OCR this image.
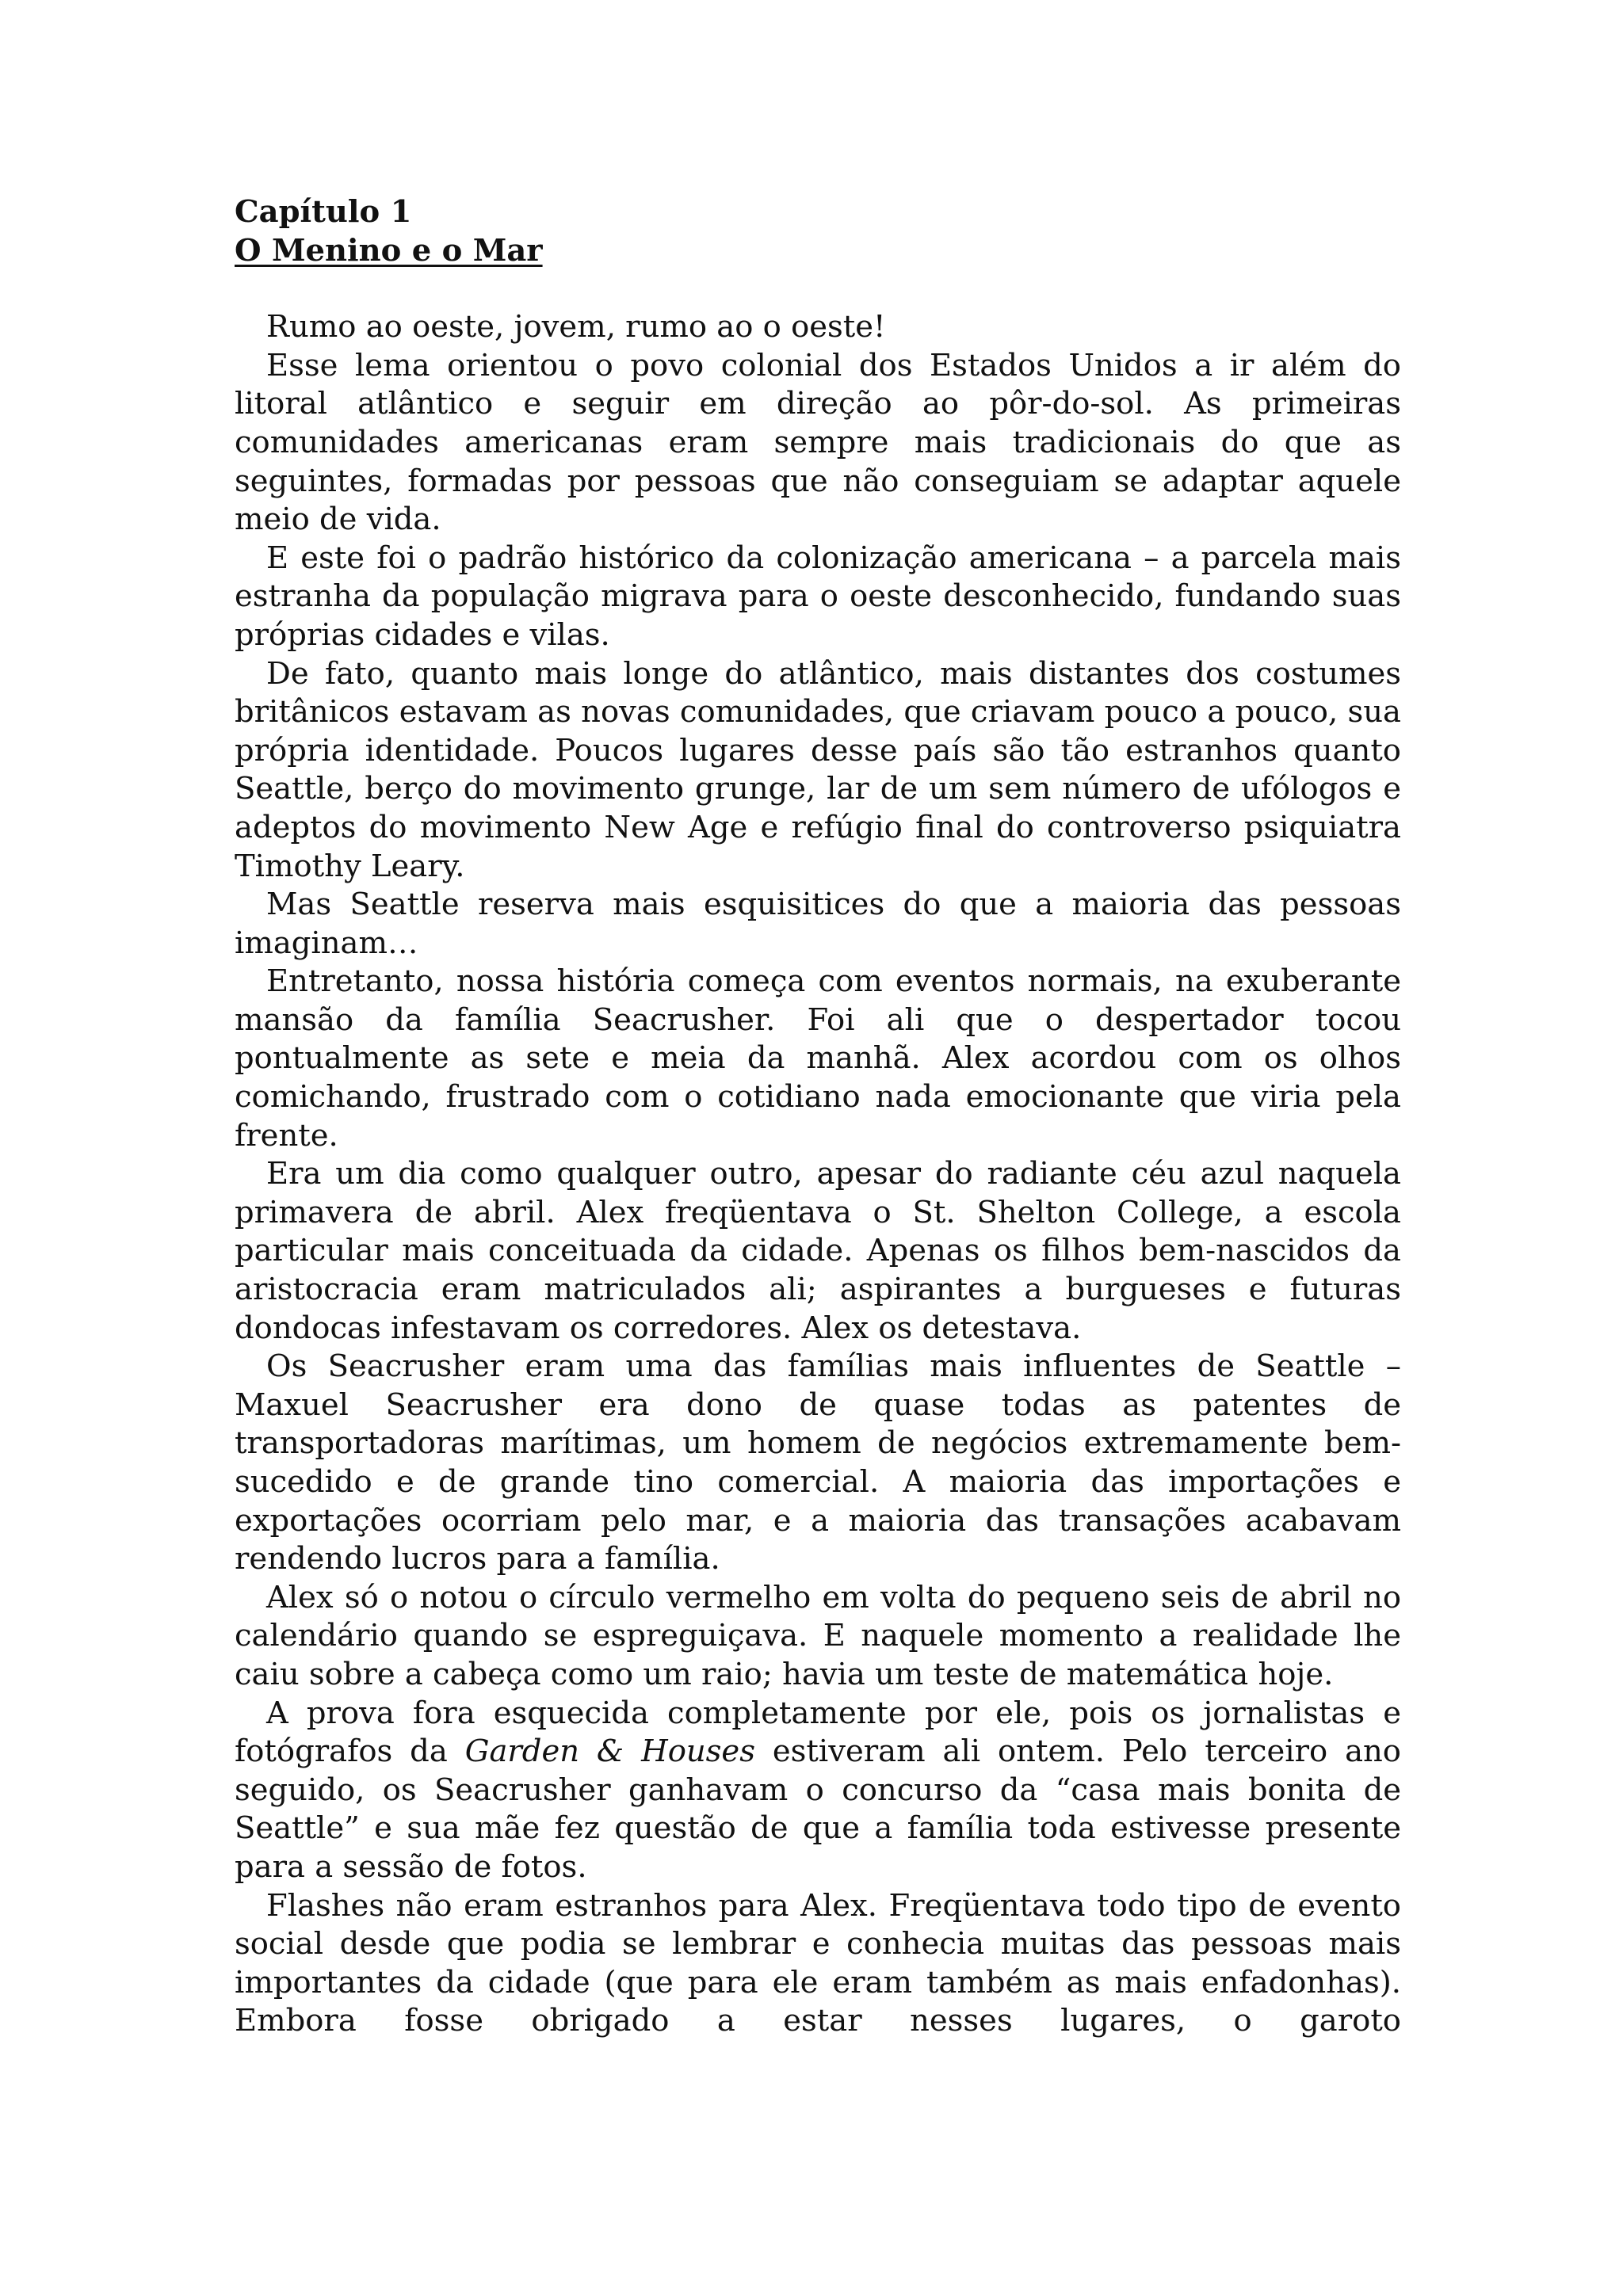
Capítulo 1
O Menino e o Mar

Rumo ao oeste, jovem, rumo ao o oeste!

Esse lema orientou o povo colonial dos Estados Unidos a ir além do litoral atlântico e seguir em direção ao pôr-do-sol. As primeiras comunidades americanas eram sempre mais tradicionais do que as seguintes, formadas por pessoas que não conseguiam se adaptar aquele meio de vida.

E este foi o padrão histórico da colonização americana – a parcela mais estranha da população migrava para o oeste desconhecido, fundando suas próprias cidades e vilas.

De fato, quanto mais longe do atlântico, mais distantes dos costumes britânicos estavam as novas comunidades, que criavam pouco a pouco, sua própria identidade. Poucos lugares desse país são tão estranhos quanto Seattle, berço do movimento grunge, lar de um sem número de ufólogos e adeptos do movimento New Age e refúgio final do controverso psiquiatra Timothy Leary.

Mas Seattle reserva mais esquisitices do que a maioria das pessoas imaginam…

Entretanto, nossa história começa com eventos normais, na exuberante mansão da família Seacrusher. Foi ali que o despertador tocou pontualmente as sete e meia da manhã. Alex acordou com os olhos comichando, frustrado com o cotidiano nada emocionante que viria pela frente.

Era um dia como qualquer outro, apesar do radiante céu azul naquela primavera de abril. Alex freqüentava o St. Shelton College, a escola particular mais conceituada da cidade. Apenas os filhos bem-nascidos da aristocracia eram matriculados ali; aspirantes a burgueses e futuras dondocas infestavam os corredores. Alex os detestava.

Os Seacrusher eram uma das famílias mais influentes de Seattle – Maxuel Seacrusher era dono de quase todas as patentes de transportadoras marítimas, um homem de negócios extremamente bem-sucedido e de grande tino comercial. A maioria das importações e exportações ocorriam pelo mar, e a maioria das transações acabavam rendendo lucros para a família.

Alex só o notou o círculo vermelho em volta do pequeno seis de abril no calendário quando se espreguiçava. E naquele momento a realidade lhe caiu sobre a cabeça como um raio; havia um teste de matemática hoje.

A prova fora esquecida completamente por ele, pois os jornalistas e fotógrafos da Garden & Houses estiveram ali ontem. Pelo terceiro ano seguido, os Seacrusher ganhavam o concurso da “casa mais bonita de Seattle” e sua mãe fez questão de que a família toda estivesse presente para a sessão de fotos.

Flashes não eram estranhos para Alex. Freqüentava todo tipo de evento social desde que podia se lembrar e conhecia muitas das pessoas mais importantes da cidade (que para ele eram também as mais enfadonhas). Embora fosse obrigado a estar nesses lugares, o garoto
